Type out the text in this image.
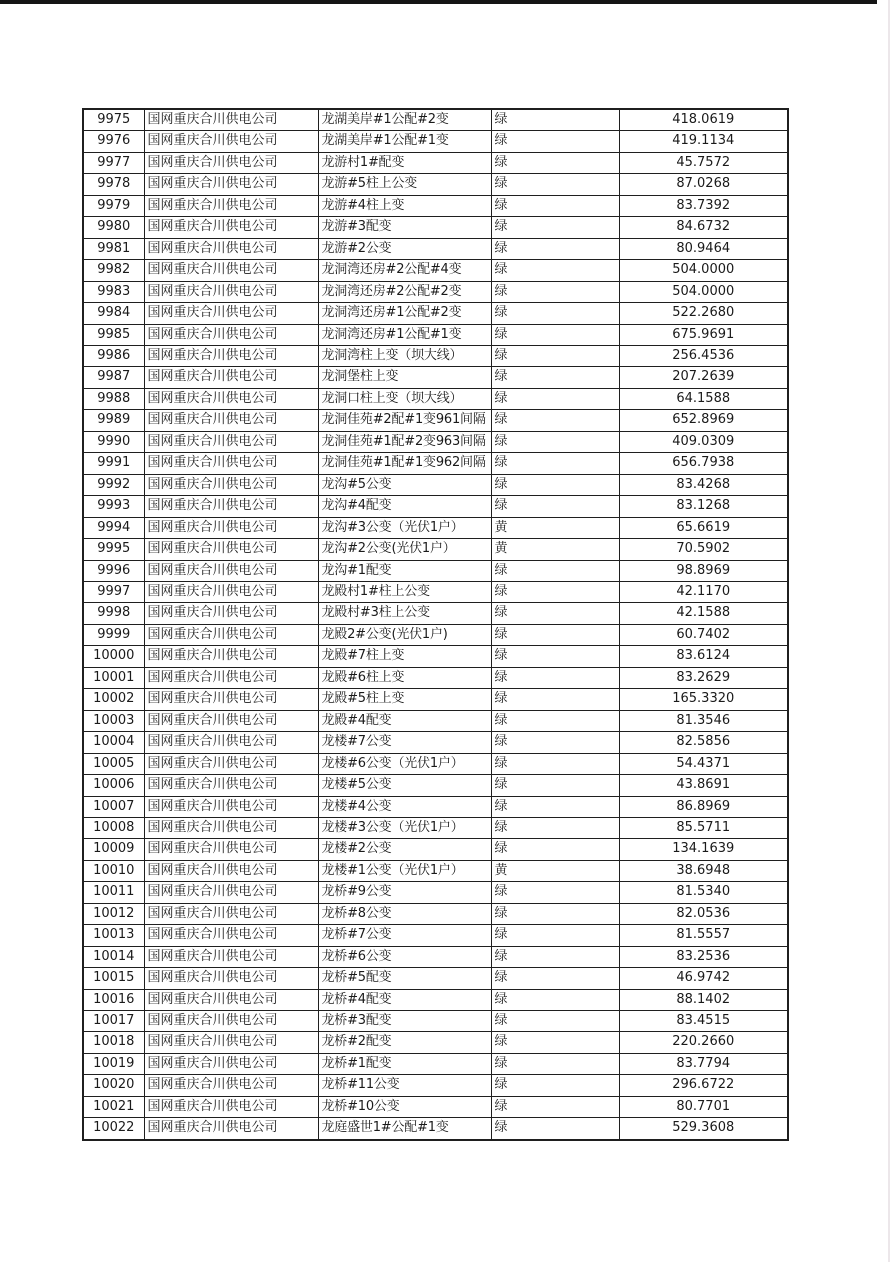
9975	国网重庆合川供电公司	龙湖美岸#1公配#2变	绿	418.0619
9976	国网重庆合川供电公司	龙湖美岸#1公配#1变	绿	419.1134
9977	国网重庆合川供电公司	龙游村1#配变	绿	45.7572
9978	国网重庆合川供电公司	龙游#5柱上公变	绿	87.0268
9979	国网重庆合川供电公司	龙游#4柱上变	绿	83.7392
9980	国网重庆合川供电公司	龙游#3配变	绿	84.6732
9981	国网重庆合川供电公司	龙游#2公变	绿	80.9464
9982	国网重庆合川供电公司	龙洞湾还房#2公配#4变	绿	504.0000
9983	国网重庆合川供电公司	龙洞湾还房#2公配#2变	绿	504.0000
9984	国网重庆合川供电公司	龙洞湾还房#1公配#2变	绿	522.2680
9985	国网重庆合川供电公司	龙洞湾还房#1公配#1变	绿	675.9691
9986	国网重庆合川供电公司	龙洞湾柱上变（坝大线）	绿	256.4536
9987	国网重庆合川供电公司	龙洞堡柱上变	绿	207.2639
9988	国网重庆合川供电公司	龙洞口柱上变（坝大线）	绿	64.1588
9989	国网重庆合川供电公司	龙洞佳苑#2配#1变961间隔	绿	652.8969
9990	国网重庆合川供电公司	龙洞佳苑#1配#2变963间隔	绿	409.0309
9991	国网重庆合川供电公司	龙洞佳苑#1配#1变962间隔	绿	656.7938
9992	国网重庆合川供电公司	龙沟#5公变	绿	83.4268
9993	国网重庆合川供电公司	龙沟#4配变	绿	83.1268
9994	国网重庆合川供电公司	龙沟#3公变（光伏1户）	黄	65.6619
9995	国网重庆合川供电公司	龙沟#2公变(光伏1户）	黄	70.5902
9996	国网重庆合川供电公司	龙沟#1配变	绿	98.8969
9997	国网重庆合川供电公司	龙殿村1#柱上公变	绿	42.1170
9998	国网重庆合川供电公司	龙殿村#3柱上公变	绿	42.1588
9999	国网重庆合川供电公司	龙殿2#公变(光伏1户)	绿	60.7402
10000	国网重庆合川供电公司	龙殿#7柱上变	绿	83.6124
10001	国网重庆合川供电公司	龙殿#6柱上变	绿	83.2629
10002	国网重庆合川供电公司	龙殿#5柱上变	绿	165.3320
10003	国网重庆合川供电公司	龙殿#4配变	绿	81.3546
10004	国网重庆合川供电公司	龙楼#7公变	绿	82.5856
10005	国网重庆合川供电公司	龙楼#6公变（光伏1户）	绿	54.4371
10006	国网重庆合川供电公司	龙楼#5公变	绿	43.8691
10007	国网重庆合川供电公司	龙楼#4公变	绿	86.8969
10008	国网重庆合川供电公司	龙楼#3公变（光伏1户）	绿	85.5711
10009	国网重庆合川供电公司	龙楼#2公变	绿	134.1639
10010	国网重庆合川供电公司	龙楼#1公变（光伏1户）	黄	38.6948
10011	国网重庆合川供电公司	龙桥#9公变	绿	81.5340
10012	国网重庆合川供电公司	龙桥#8公变	绿	82.0536
10013	国网重庆合川供电公司	龙桥#7公变	绿	81.5557
10014	国网重庆合川供电公司	龙桥#6公变	绿	83.2536
10015	国网重庆合川供电公司	龙桥#5配变	绿	46.9742
10016	国网重庆合川供电公司	龙桥#4配变	绿	88.1402
10017	国网重庆合川供电公司	龙桥#3配变	绿	83.4515
10018	国网重庆合川供电公司	龙桥#2配变	绿	220.2660
10019	国网重庆合川供电公司	龙桥#1配变	绿	83.7794
10020	国网重庆合川供电公司	龙桥#11公变	绿	296.6722
10021	国网重庆合川供电公司	龙桥#10公变	绿	80.7701
10022	国网重庆合川供电公司	龙庭盛世1#公配#1变	绿	529.3608
